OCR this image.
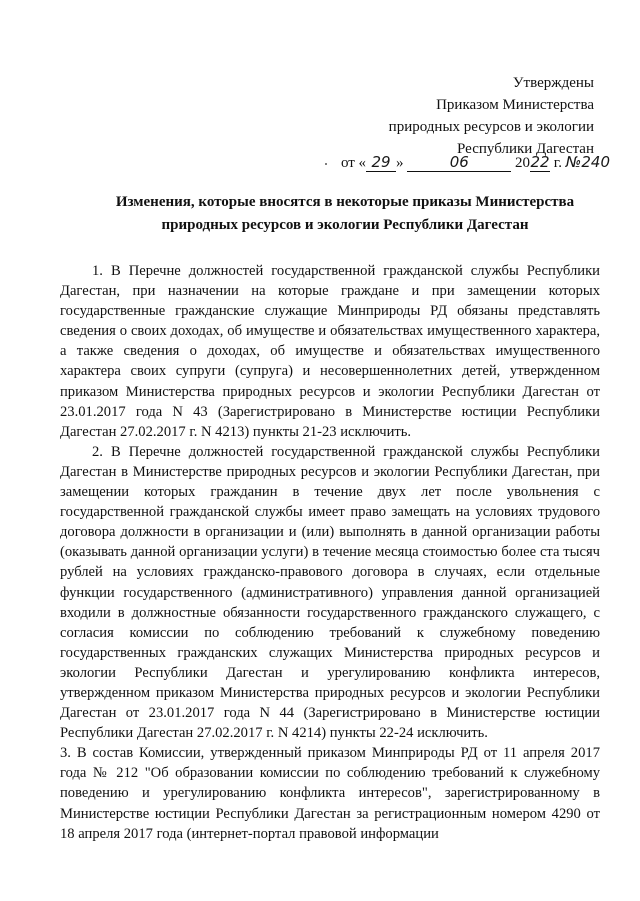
Утверждены
Приказом Министерства
природных ресурсов и экологии
Республики Дагестан
от « 29 »	06	2022 г. №240
Изменения, которые вносятся в некоторые приказы Министерства
природных ресурсов и экологии Республики Дагестан

1. В Перечне должностей государственной гражданской службы Республики Дагестан, при назначении на которые граждане и при замещении которых государственные гражданские служащие Минприроды РД обязаны представлять сведения о своих доходах, об имуществе и обязательствах имущественного характера, а также сведения о доходах, об имуществе и обязательствах имущественного характера своих супруги (супруга) и несовершеннолетних детей, утвержденном приказом Министерства природных ресурсов и экологии Республики Дагестан от 23.01.2017 года N 43 (Зарегистрировано в Министерстве юстиции Республики Дагестан 27.02.2017 г. N 4213) пункты 21-23 исключить.

2. В Перечне должностей государственной гражданской службы Республики Дагестан в Министерстве природных ресурсов и экологии Республики Дагестан, при замещении которых гражданин в течение двух лет после увольнения с государственной гражданской службы имеет право замещать на условиях трудового договора должности в организации и (или) выполнять в данной организации работы (оказывать данной организации услуги) в течение месяца стоимостью более ста тысяч рублей на условиях гражданско-правового договора в случаях, если отдельные функции государственного (административного) управления данной организацией входили в должностные обязанности государственного гражданского служащего, с согласия комиссии по соблюдению требований к служебному поведению государственных гражданских служащих Министерства природных ресурсов и экологии Республики Дагестан и урегулированию конфликта интересов, утвержденном приказом Министерства природных ресурсов и экологии Республики Дагестан от 23.01.2017 года N 44 (Зарегистрировано в Министерстве юстиции Республики Дагестан 27.02.2017 г. N 4214) пункты 22-24 исключить.

3. В состав Комиссии, утвержденный приказом Минприроды РД от 11 апреля 2017 года № 212 "Об образовании комиссии по соблюдению требований к служебному поведению и урегулированию конфликта интересов", зарегистрированному в Министерстве юстиции Республики Дагестан за регистрационным номером 4290 от 18 апреля 2017 года (интернет-портал правовой информации
